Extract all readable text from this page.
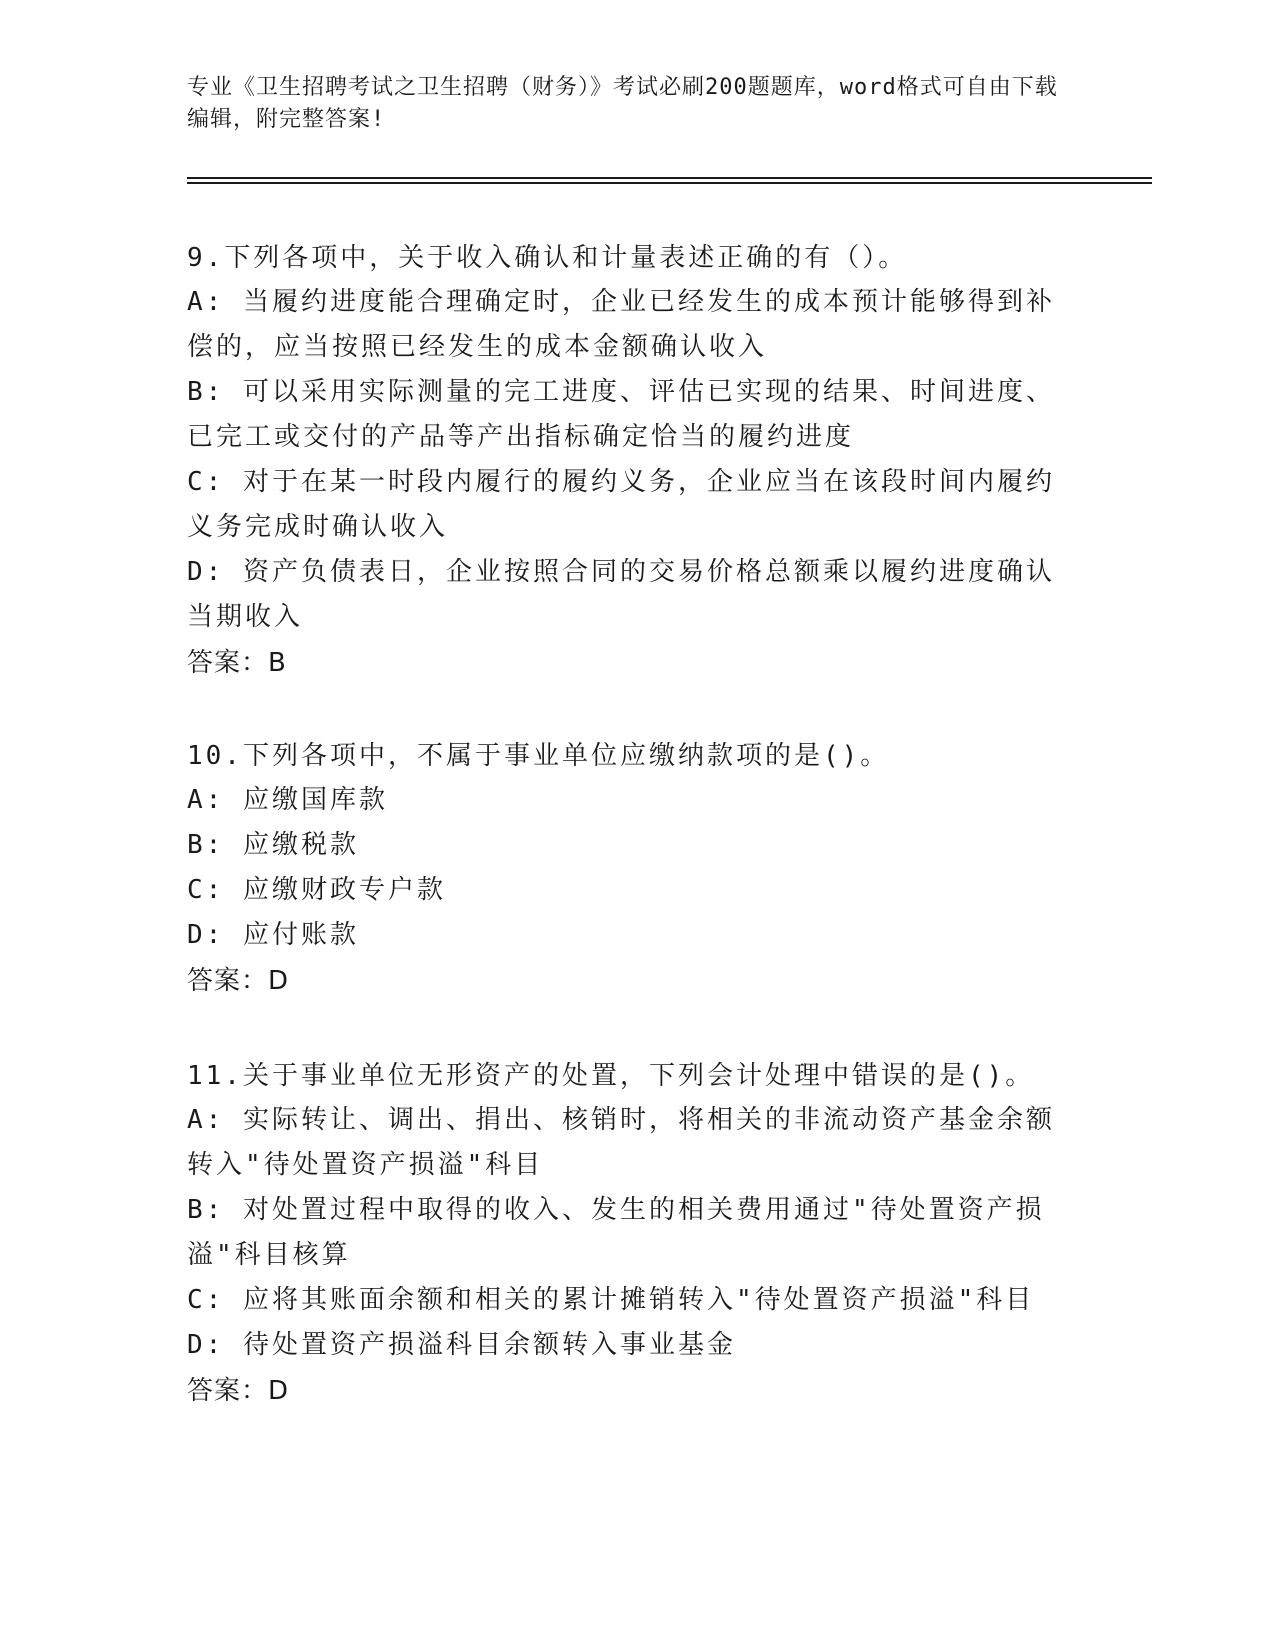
专业《卫生招聘考试之卫生招聘（财务）》考试必刷200题题库，word格式可自由下载编辑，附完整答案!
9.下列各项中，关于收入确认和计量表述正确的有（）。
A: 当履约进度能合理确定时，企业已经发生的成本预计能够得到补偿的，应当按照已经发生的成本金额确认收入
B: 可以采用实际测量的完工进度、评估已实现的结果、时间进度、已完工或交付的产品等产出指标确定恰当的履约进度
C: 对于在某一时段内履行的履约义务，企业应当在该段时间内履约义务完成时确认收入
D: 资产负债表日，企业按照合同的交易价格总额乘以履约进度确认当期收入
答案：B
10.下列各项中，不属于事业单位应缴纳款项的是()。
A: 应缴国库款
B: 应缴税款
C: 应缴财政专户款
D: 应付账款
答案：D
11.关于事业单位无形资产的处置，下列会计处理中错误的是()。
A: 实际转让、调出、捐出、核销时，将相关的非流动资产基金余额转入"待处置资产损溢"科目
B: 对处置过程中取得的收入、发生的相关费用通过"待处置资产损溢"科目核算
C: 应将其账面余额和相关的累计摊销转入"待处置资产损溢"科目
D: 待处置资产损溢科目余额转入事业基金
答案：D
